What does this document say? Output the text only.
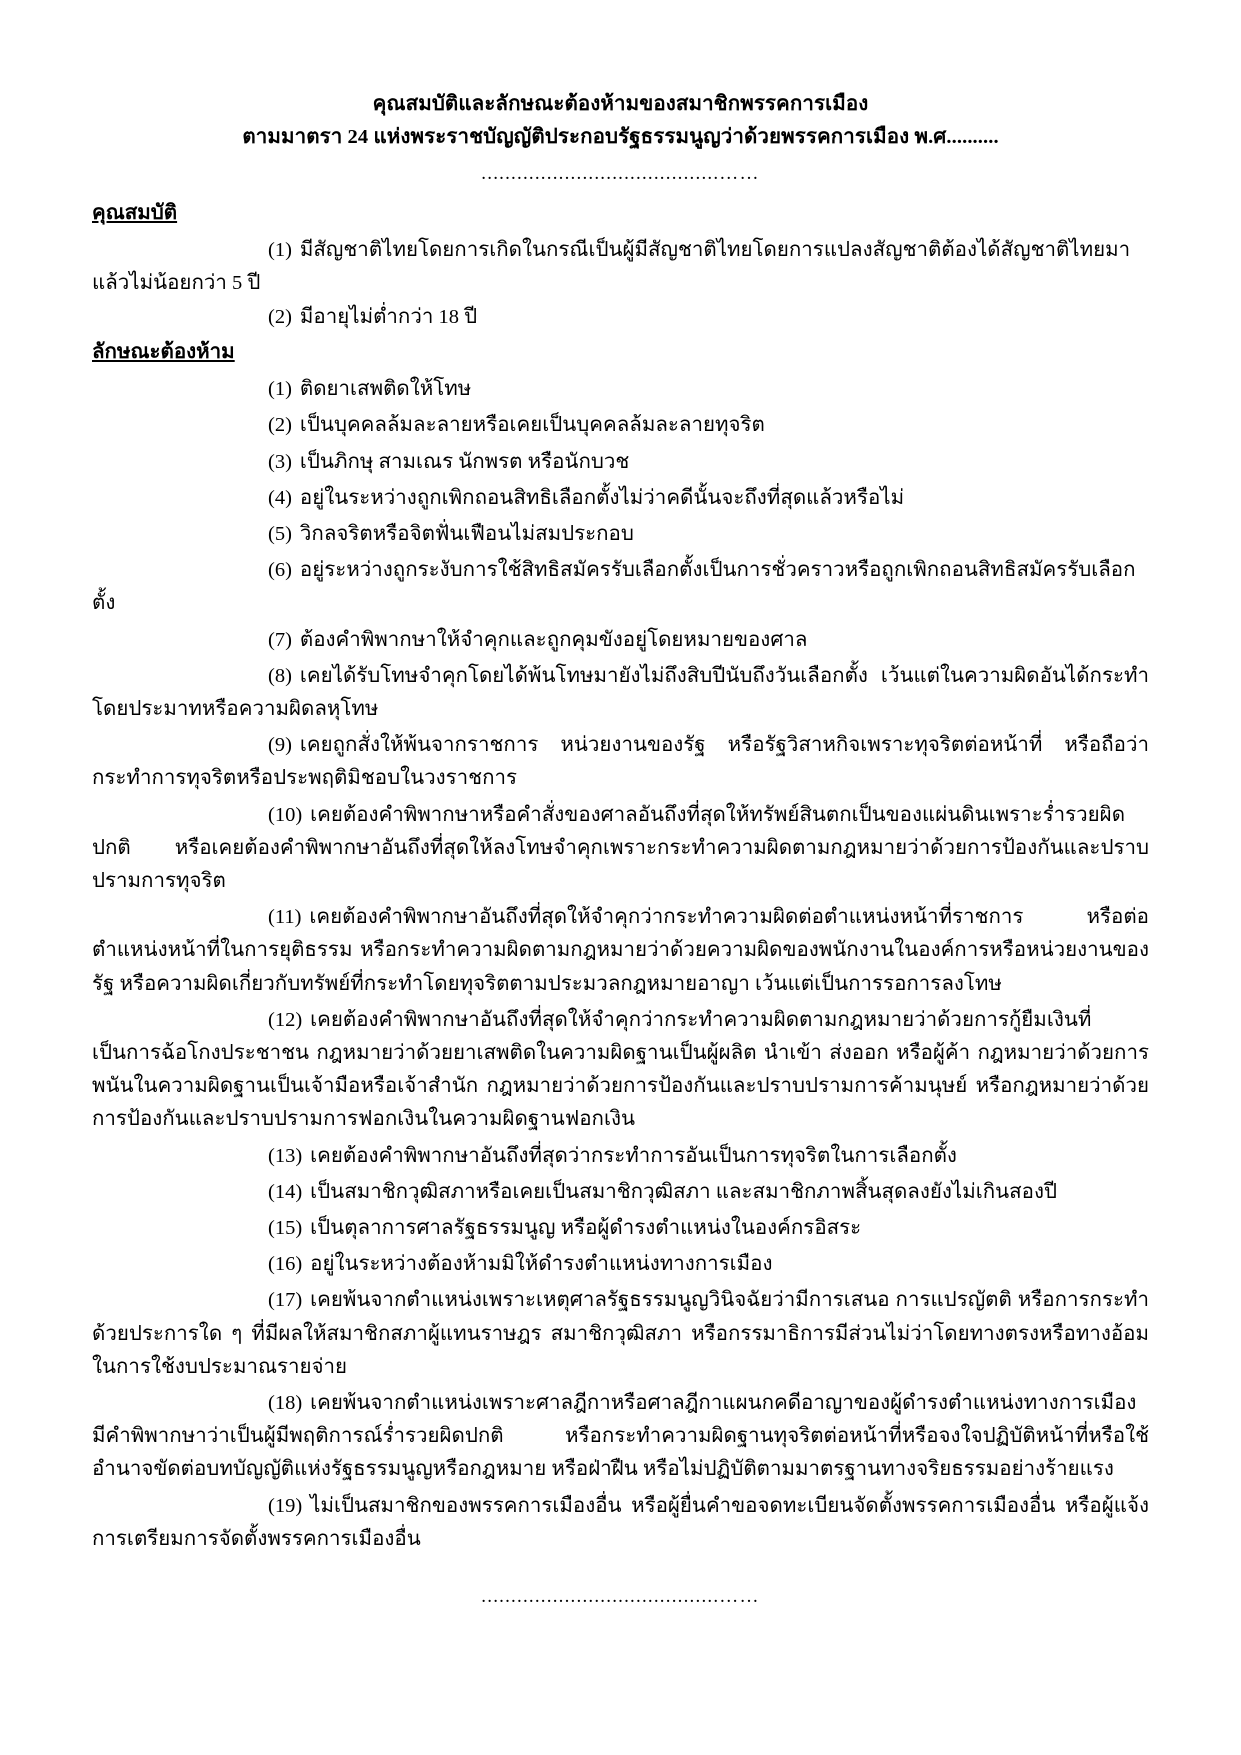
คุณสมบัติและลักษณะต้องห้ามของสมาชิกพรรคการเมือง
ตามมาตรา 24 แห่งพระราชบัญญัติประกอบรัฐธรรมนูญว่าด้วยพรรคการเมือง พ.ศ..........
........................................……
คุณสมบัติ

(1) มีสัญชาติไทยโดยการเกิดในกรณีเป็นผู้มีสัญชาติไทยโดยการแปลงสัญชาติต้องได้สัญชาติไทยมาแล้วไม่น้อยกว่า 5 ปี

(2) มีอายุไม่ต่ำกว่า 18 ปี

ลักษณะต้องห้าม

(1) ติดยาเสพติดให้โทษ

(2) เป็นบุคคลล้มละลายหรือเคยเป็นบุคคลล้มละลายทุจริต

(3) เป็นภิกษุ สามเณร นักพรต หรือนักบวช

(4) อยู่ในระหว่างถูกเพิกถอนสิทธิเลือกตั้งไม่ว่าคดีนั้นจะถึงที่สุดแล้วหรือไม่

(5) วิกลจริตหรือจิตฟั่นเฟือนไม่สมประกอบ

(6) อยู่ระหว่างถูกระงับการใช้สิทธิสมัครรับเลือกตั้งเป็นการชั่วคราวหรือถูกเพิกถอนสิทธิสมัครรับเลือกตั้ง

(7) ต้องคำพิพากษาให้จำคุกและถูกคุมขังอยู่โดยหมายของศาล

(8) เคยได้รับโทษจำคุกโดยได้พ้นโทษมายังไม่ถึงสิบปีนับถึงวันเลือกตั้ง เว้นแต่ในความผิดอันได้กระทำโดยประมาทหรือความผิดลหุโทษ

(9) เคยถูกสั่งให้พ้นจากราชการ หน่วยงานของรัฐ หรือรัฐวิสาหกิจเพราะทุจริตต่อหน้าที่ หรือถือว่ากระทำการทุจริตหรือประพฤติมิชอบในวงราชการ

(10) เคยต้องคำพิพากษาหรือคำสั่งของศาลอันถึงที่สุดให้ทรัพย์สินตกเป็นของแผ่นดินเพราะร่ำรวยผิดปกติ หรือเคยต้องคำพิพากษาอันถึงที่สุดให้ลงโทษจำคุกเพราะกระทำความผิดตามกฎหมายว่าด้วยการป้องกันและปราบปรามการทุจริต

(11) เคยต้องคำพิพากษาอันถึงที่สุดให้จำคุกว่ากระทำความผิดต่อตำแหน่งหน้าที่ราชการ หรือต่อตำแหน่งหน้าที่ในการยุติธรรม หรือกระทำความผิดตามกฎหมายว่าด้วยความผิดของพนักงานในองค์การหรือหน่วยงานของรัฐ หรือความผิดเกี่ยวกับทรัพย์ที่กระทำโดยทุจริตตามประมวลกฎหมายอาญา เว้นแต่เป็นการรอการลงโทษ

(12) เคยต้องคำพิพากษาอันถึงที่สุดให้จำคุกว่ากระทำความผิดตามกฎหมายว่าด้วยการกู้ยืมเงินที่เป็นการฉ้อโกงประชาชน กฎหมายว่าด้วยยาเสพติดในความผิดฐานเป็นผู้ผลิต นำเข้า ส่งออก หรือผู้ค้า กฎหมายว่าด้วยการพนันในความผิดฐานเป็นเจ้ามือหรือเจ้าสำนัก กฎหมายว่าด้วยการป้องกันและปราบปรามการค้ามนุษย์ หรือกฎหมายว่าด้วยการป้องกันและปราบปรามการฟอกเงินในความผิดฐานฟอกเงิน

(13) เคยต้องคำพิพากษาอันถึงที่สุดว่ากระทำการอันเป็นการทุจริตในการเลือกตั้ง

(14) เป็นสมาชิกวุฒิสภาหรือเคยเป็นสมาชิกวุฒิสภา และสมาชิกภาพสิ้นสุดลงยังไม่เกินสองปี

(15) เป็นตุลาการศาลรัฐธรรมนูญ หรือผู้ดำรงตำแหน่งในองค์กรอิสระ

(16) อยู่ในระหว่างต้องห้ามมิให้ดำรงตำแหน่งทางการเมือง

(17) เคยพ้นจากตำแหน่งเพราะเหตุศาลรัฐธรรมนูญวินิจฉัยว่ามีการเสนอ การแปรญัตติ หรือการกระทำด้วยประการใด ๆ ที่มีผลให้สมาชิกสภาผู้แทนราษฎร สมาชิกวุฒิสภา หรือกรรมาธิการมีส่วนไม่ว่าโดยทางตรงหรือทางอ้อมในการใช้งบประมาณรายจ่าย

(18) เคยพ้นจากตำแหน่งเพราะศาลฎีกาหรือศาลฎีกาแผนกคดีอาญาของผู้ดำรงตำแหน่งทางการเมืองมีคำพิพากษาว่าเป็นผู้มีพฤติการณ์ร่ำรวยผิดปกติ หรือกระทำความผิดฐานทุจริตต่อหน้าที่หรือจงใจปฏิบัติหน้าที่หรือใช้อำนาจขัดต่อบทบัญญัติแห่งรัฐธรรมนูญหรือกฎหมาย หรือฝ่าฝืน หรือไม่ปฏิบัติตามมาตรฐานทางจริยธรรมอย่างร้ายแรง

(19) ไม่เป็นสมาชิกของพรรคการเมืองอื่น หรือผู้ยื่นคำขอจดทะเบียนจัดตั้งพรรคการเมืองอื่น หรือผู้แจ้งการเตรียมการจัดตั้งพรรคการเมืองอื่น

........................................……
